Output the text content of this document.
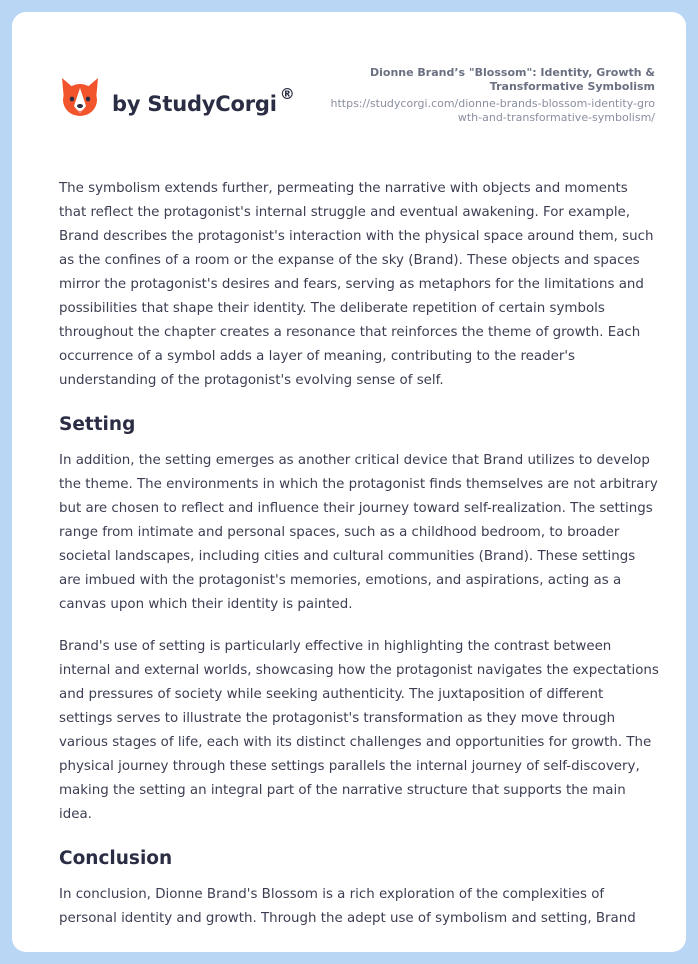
by StudyCorgi ®
Dionne Brand’s "Blossom": Identity, Growth & Transformative Symbolism
https://studycorgi.com/dionne-brands-blossom-identity-growth-and-transformative-symbolism/

The symbolism extends further, permeating the narrative with objects and moments that reflect the protagonist's internal struggle and eventual awakening. For example, Brand describes the protagonist's interaction with the physical space around them, such as the confines of a room or the expanse of the sky (Brand). These objects and spaces mirror the protagonist's desires and fears, serving as metaphors for the limitations and possibilities that shape their identity. The deliberate repetition of certain symbols throughout the chapter creates a resonance that reinforces the theme of growth. Each occurrence of a symbol adds a layer of meaning, contributing to the reader's understanding of the protagonist's evolving sense of self.

Setting

In addition, the setting emerges as another critical device that Brand utilizes to develop the theme. The environments in which the protagonist finds themselves are not arbitrary but are chosen to reflect and influence their journey toward self-realization. The settings range from intimate and personal spaces, such as a childhood bedroom, to broader societal landscapes, including cities and cultural communities (Brand). These settings are imbued with the protagonist's memories, emotions, and aspirations, acting as a canvas upon which their identity is painted.

Brand's use of setting is particularly effective in highlighting the contrast between internal and external worlds, showcasing how the protagonist navigates the expectations and pressures of society while seeking authenticity. The juxtaposition of different settings serves to illustrate the protagonist's transformation as they move through various stages of life, each with its distinct challenges and opportunities for growth. The physical journey through these settings parallels the internal journey of self-discovery, making the setting an integral part of the narrative structure that supports the main idea.

Conclusion

In conclusion, Dionne Brand's Blossom is a rich exploration of the complexities of personal identity and growth. Through the adept use of symbolism and setting, Brand
